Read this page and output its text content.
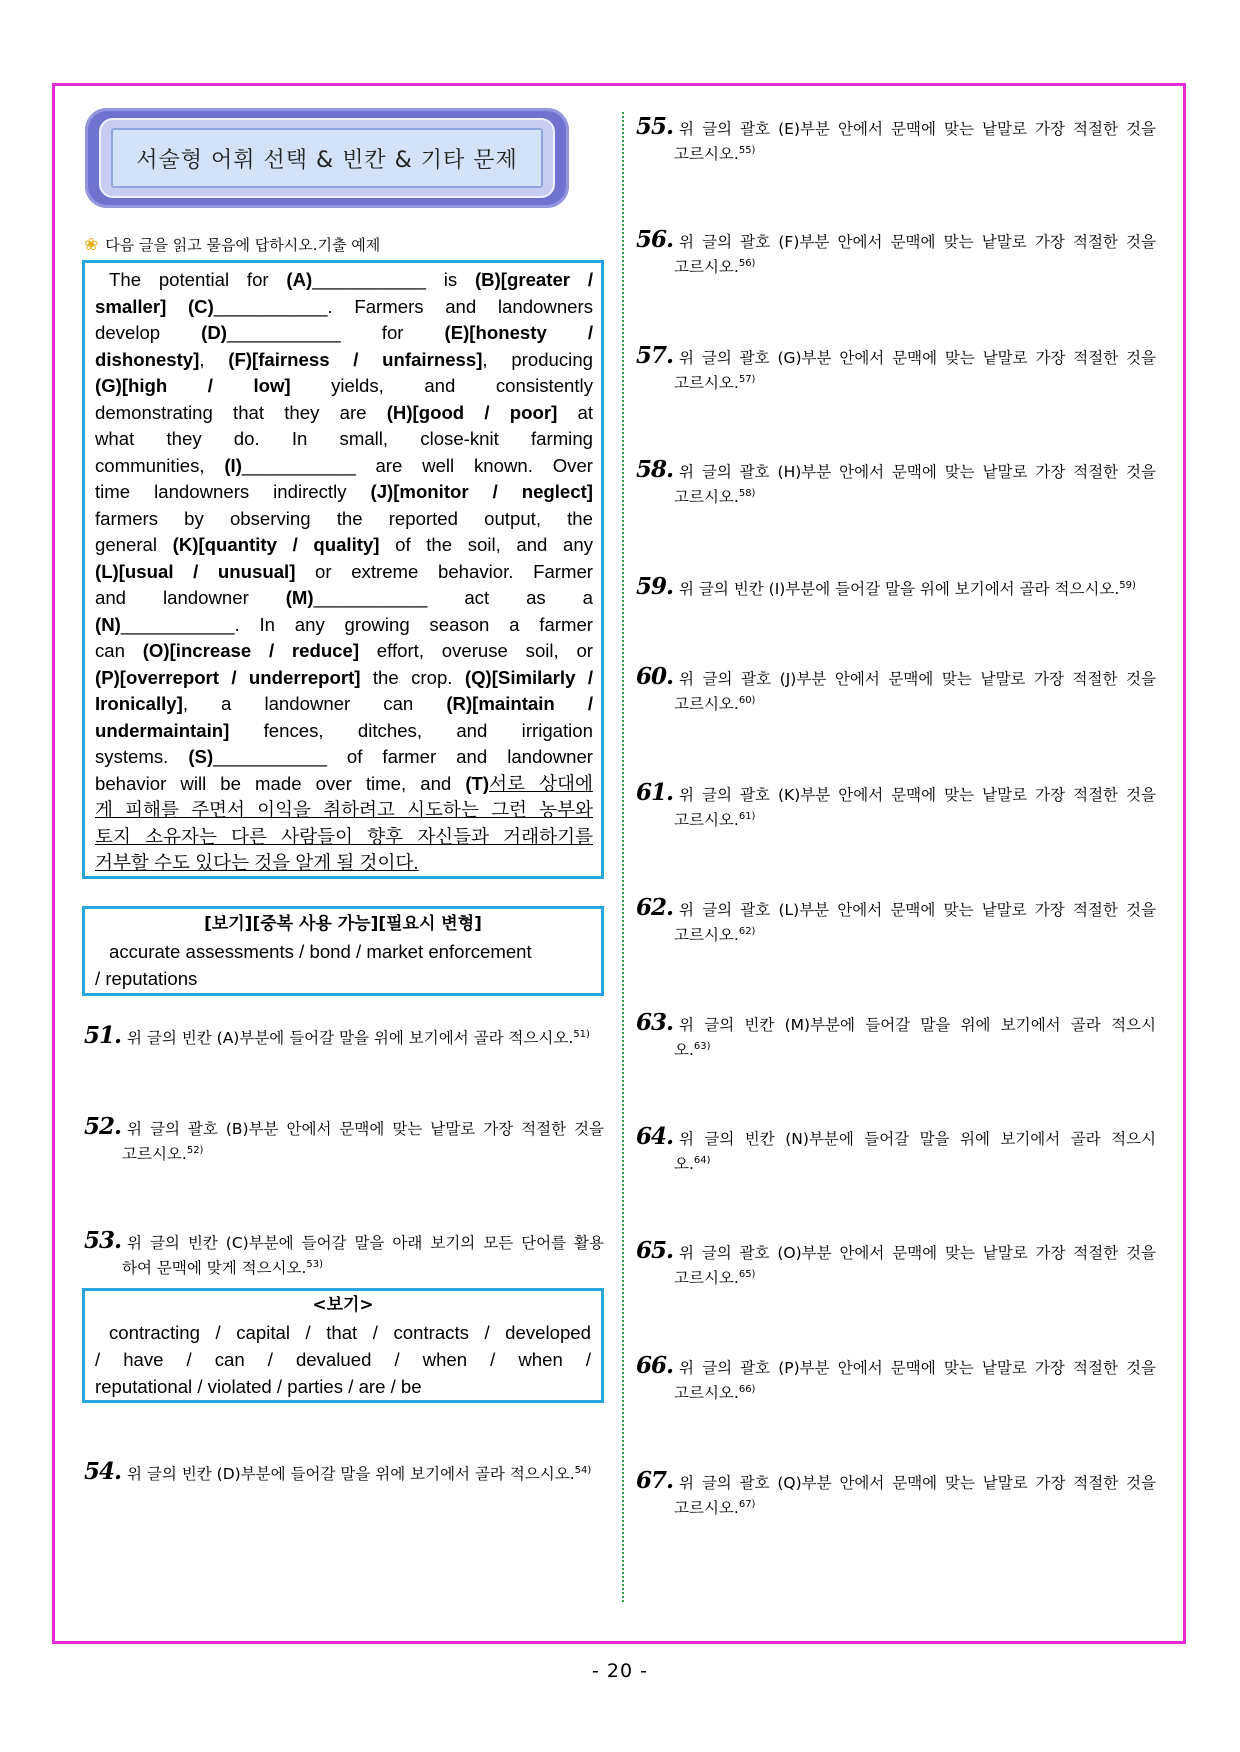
서술형 어휘 선택 & 빈칸 & 기타 문제
❀ 다음 글을 읽고 물음에 답하시오.기출 예제
The potential for (A)___________ is (B)[greater /
smaller] (C)___________. Farmers and landowners
develop (D)___________ for (E)[honesty /
dishonesty], (F)[fairness / unfairness], producing
(G)[high / low] yields, and consistently
demonstrating that they are (H)[good / poor] at
what they do. In small, close-knit farming
communities, (I)___________ are well known. Over
time landowners indirectly (J)[monitor / neglect]
farmers by observing the reported output, the
general (K)[quantity / quality] of the soil, and any
(L)[usual / unusual] or extreme behavior. Farmer
and landowner (M)___________ act as a
(N)___________. In any growing season a farmer
can (O)[increase / reduce] effort, overuse soil, or
(P)[overreport / underreport] the crop. (Q)[Similarly /
Ironically], a landowner can (R)[maintain /
undermaintain] fences, ditches, and irrigation
systems. (S)___________ of farmer and landowner
behavior will be made over time, and (T)서로 상대에
게 피해를 주면서 이익을 취하려고 시도하는 그런 농부와
토지 소유자는 다른 사람들이 향후 자신들과 거래하기를
거부할 수도 있다는 것을 알게 될 것이다.
[보기][중복 사용 가능][필요시 변형]
accurate assessments / bond / market enforcement
/ reputations
<보기>
contracting / capital / that / contracts / developed
/ have / can / devalued / when / when /
reputational / violated / parties / are / be
51. 위 글의 빈칸 (A)부분에 들어갈 말을 위에 보기에서 골라 적으시오.$^{51)}$
52. 위 글의 괄호 (B)부분 안에서 문맥에 맞는 낱말로 가장 적절한 것을
고르시오.$^{52)}$
53. 위 글의 빈칸 (C)부분에 들어갈 말을 아래 보기의 모든 단어를 활용
하여 문맥에 맞게 적으시오.$^{53)}$
54. 위 글의 빈칸 (D)부분에 들어갈 말을 위에 보기에서 골라 적으시오.$^{54)}$
55. 위 글의 괄호 (E)부분 안에서 문맥에 맞는 낱말로 가장 적절한 것을
고르시오.$^{55)}$
56. 위 글의 괄호 (F)부분 안에서 문맥에 맞는 낱말로 가장 적절한 것을
고르시오.$^{56)}$
57. 위 글의 괄호 (G)부분 안에서 문맥에 맞는 낱말로 가장 적절한 것을
고르시오.$^{57)}$
58. 위 글의 괄호 (H)부분 안에서 문맥에 맞는 낱말로 가장 적절한 것을
고르시오.$^{58)}$
59. 위 글의 빈칸 (I)부분에 들어갈 말을 위에 보기에서 골라 적으시오.$^{59)}$
60. 위 글의 괄호 (J)부분 안에서 문맥에 맞는 낱말로 가장 적절한 것을
고르시오.$^{60)}$
61. 위 글의 괄호 (K)부분 안에서 문맥에 맞는 낱말로 가장 적절한 것을
고르시오.$^{61)}$
62. 위 글의 괄호 (L)부분 안에서 문맥에 맞는 낱말로 가장 적절한 것을
고르시오.$^{62)}$
63. 위 글의 빈칸 (M)부분에 들어갈 말을 위에 보기에서 골라 적으시
오.$^{63)}$
64. 위 글의 빈칸 (N)부분에 들어갈 말을 위에 보기에서 골라 적으시
오.$^{64)}$
65. 위 글의 괄호 (O)부분 안에서 문맥에 맞는 낱말로 가장 적절한 것을
고르시오.$^{65)}$
66. 위 글의 괄호 (P)부분 안에서 문맥에 맞는 낱말로 가장 적절한 것을
고르시오.$^{66)}$
67. 위 글의 괄호 (Q)부분 안에서 문맥에 맞는 낱말로 가장 적절한 것을
고르시오.$^{67)}$
- 20 -
